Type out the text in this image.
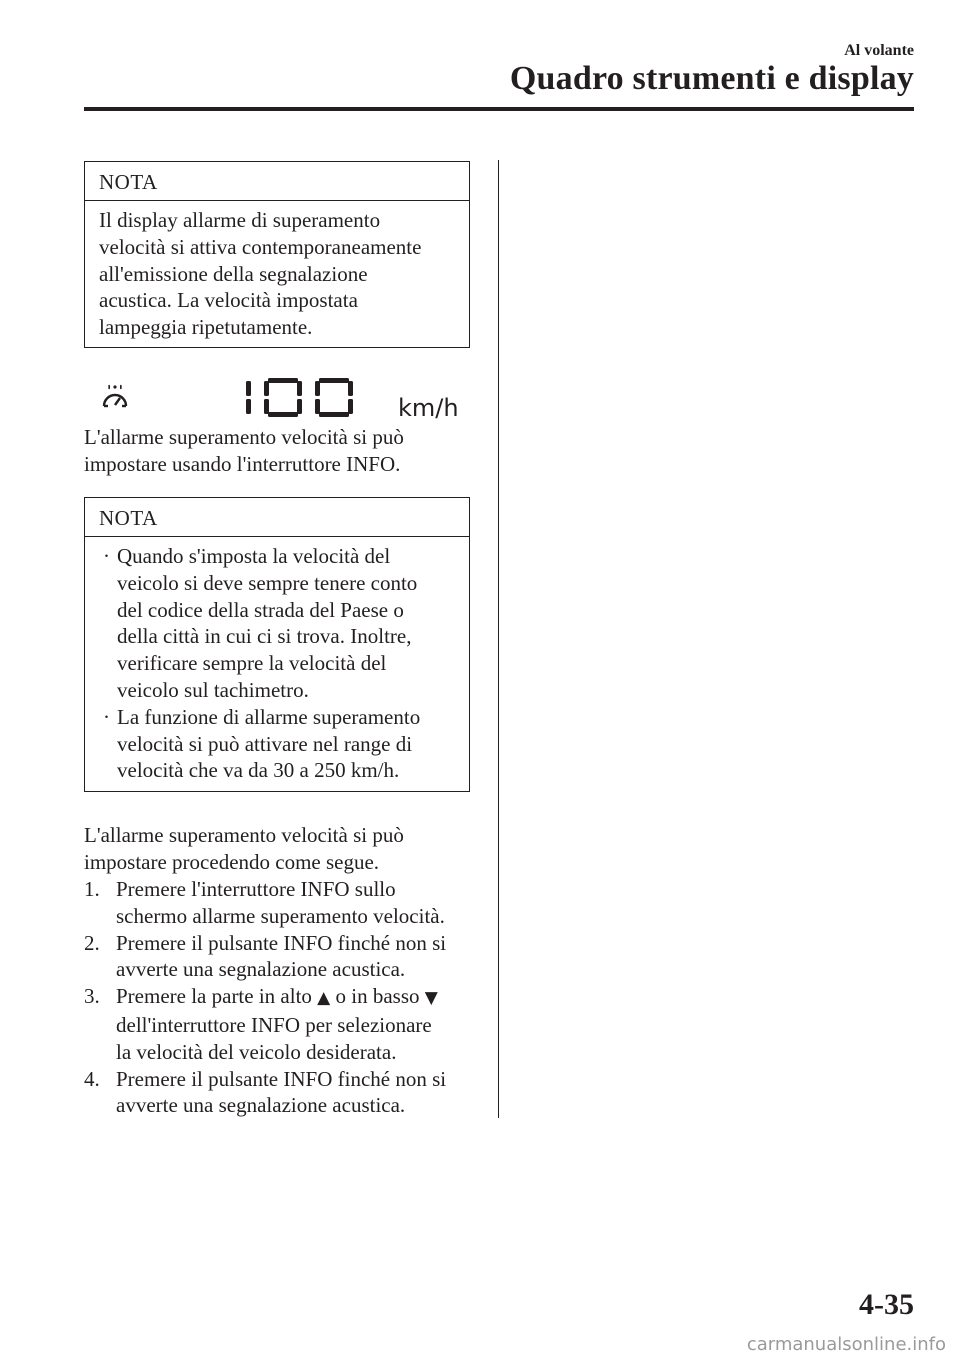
Al volante
Quadro strumenti e display
NOTA

Il display allarme di superamento

velocità si attiva contemporaneamente

all'emissione della segnalazione

acustica. La velocità impostata

lampeggia ripetutamente.

km/h

L'allarme superamento velocità si può

impostare usando l'interruttore INFO.

NOTA
· Quando s'imposta la velocità del

veicolo si deve sempre tenere conto

del codice della strada del Paese o

della città in cui ci si trova. Inoltre,

verificare sempre la velocità del

veicolo sul tachimetro.

· La funzione di allarme superamento

velocità si può attivare nel range di

velocità che va da 30 a 250 km/h.

L'allarme superamento velocità si può

impostare procedendo come segue.

1. Premere l'interruttore INFO sullo
schermo allarme superamento velocità.
2. Premere il pulsante INFO finché non si
avverte una segnalazione acustica.
3. Premere la parte in alto ▲ o in basso ▼
dell'interruttore INFO per selezionare
la velocità del veicolo desiderata.
4. Premere il pulsante INFO finché non si
avverte una segnalazione acustica.
4-35
carmanualsonline.info
